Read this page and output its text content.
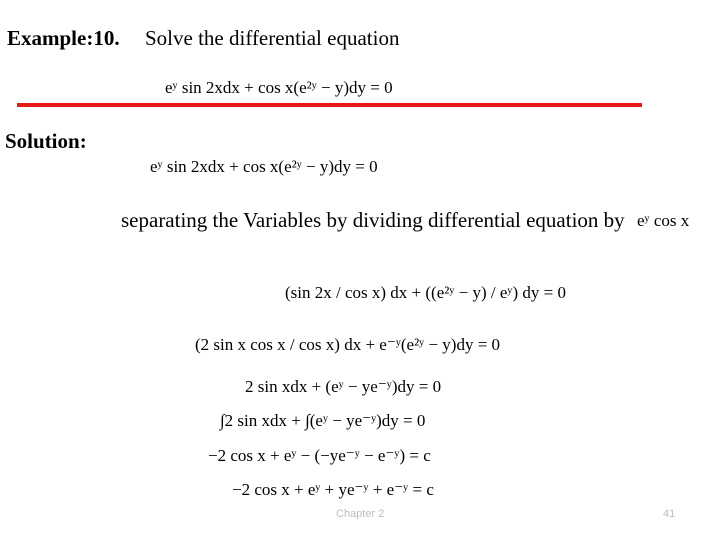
Example:10. Solve the differential equation
eʸ sin 2xdx + cos x(e²ʸ − y)dy = 0
Solution:
eʸ sin 2xdx + cos x(e²ʸ − y)dy = 0
separating the Variables by dividing differential equation by eʸ cos x
(sin 2x / cos x) dx + ((e²ʸ − y) / eʸ) dy = 0
(2 sin x cos x / cos x) dx + e⁻ʸ(e²ʸ − y)dy = 0
2 sin xdx + (eʸ − ye⁻ʸ)dy = 0
∫2 sin xdx + ∫(eʸ − ye⁻ʸ)dy = 0
−2 cos x + eʸ − (−ye⁻ʸ − e⁻ʸ) = c
−2 cos x + eʸ + ye⁻ʸ + e⁻ʸ = c
Chapter 2	41
